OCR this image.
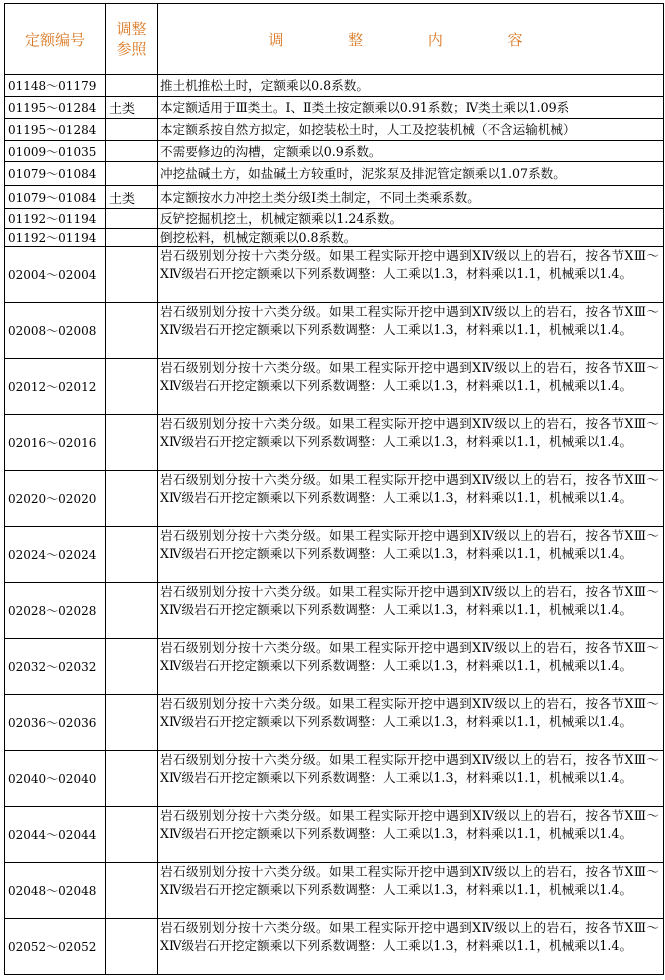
定额编号	调整参照	调 整 内 容
01148～01179		推土机推松土时，定额乘以0.8系数。
01195～01284	土类	本定额适用于Ⅲ类土。Ⅰ、Ⅱ类土按定额乘以0.91系数；Ⅳ类土乘以1.09系
01195～01284		本定额系按自然方拟定，如挖装松土时，人工及挖装机械（不含运输机械）
01009～01035		不需要修边的沟槽，定额乘以0.9系数。
01079～01084		冲挖盐碱土方，如盐碱土方较重时，泥浆泵及排泥管定额乘以1.07系数。
01079～01084	土类	本定额按水力冲挖土类分级Ⅰ类土制定，不同土类乘系数。
01192～01194		反铲挖掘机挖土，机械定额乘以1.24系数。
01192～01194		倒挖松料，机械定额乘以0.8系数。
02004～02004		岩石级别划分按十六类分级。如果工程实际开挖中遇到ⅩⅣ级以上的岩石，按各节ⅩⅢ～ⅩⅣ级岩石开挖定额乘以下列系数调整：人工乘以1.3，材料乘以1.1，机械乘以1.4。
02008～02008		岩石级别划分按十六类分级。如果工程实际开挖中遇到ⅩⅣ级以上的岩石，按各节ⅩⅢ～ⅩⅣ级岩石开挖定额乘以下列系数调整：人工乘以1.3，材料乘以1.1，机械乘以1.4。
02012～02012		岩石级别划分按十六类分级。如果工程实际开挖中遇到ⅩⅣ级以上的岩石，按各节ⅩⅢ～ⅩⅣ级岩石开挖定额乘以下列系数调整：人工乘以1.3，材料乘以1.1，机械乘以1.4。
02016～02016		岩石级别划分按十六类分级。如果工程实际开挖中遇到ⅩⅣ级以上的岩石，按各节ⅩⅢ～ⅩⅣ级岩石开挖定额乘以下列系数调整：人工乘以1.3，材料乘以1.1，机械乘以1.4。
02020～02020		岩石级别划分按十六类分级。如果工程实际开挖中遇到ⅩⅣ级以上的岩石，按各节ⅩⅢ～ⅩⅣ级岩石开挖定额乘以下列系数调整：人工乘以1.3，材料乘以1.1，机械乘以1.4。
02024～02024		岩石级别划分按十六类分级。如果工程实际开挖中遇到ⅩⅣ级以上的岩石，按各节ⅩⅢ～ⅩⅣ级岩石开挖定额乘以下列系数调整：人工乘以1.3，材料乘以1.1，机械乘以1.4。
02028～02028		岩石级别划分按十六类分级。如果工程实际开挖中遇到ⅩⅣ级以上的岩石，按各节ⅩⅢ～ⅩⅣ级岩石开挖定额乘以下列系数调整：人工乘以1.3，材料乘以1.1，机械乘以1.4。
02032～02032		岩石级别划分按十六类分级。如果工程实际开挖中遇到ⅩⅣ级以上的岩石，按各节ⅩⅢ～ⅩⅣ级岩石开挖定额乘以下列系数调整：人工乘以1.3，材料乘以1.1，机械乘以1.4。
02036～02036		岩石级别划分按十六类分级。如果工程实际开挖中遇到ⅩⅣ级以上的岩石，按各节ⅩⅢ～ⅩⅣ级岩石开挖定额乘以下列系数调整：人工乘以1.3，材料乘以1.1，机械乘以1.4。
02040～02040		岩石级别划分按十六类分级。如果工程实际开挖中遇到ⅩⅣ级以上的岩石，按各节ⅩⅢ～ⅩⅣ级岩石开挖定额乘以下列系数调整：人工乘以1.3，材料乘以1.1，机械乘以1.4。
02044～02044		岩石级别划分按十六类分级。如果工程实际开挖中遇到ⅩⅣ级以上的岩石，按各节ⅩⅢ～ⅩⅣ级岩石开挖定额乘以下列系数调整：人工乘以1.3，材料乘以1.1，机械乘以1.4。
02048～02048		岩石级别划分按十六类分级。如果工程实际开挖中遇到ⅩⅣ级以上的岩石，按各节ⅩⅢ～ⅩⅣ级岩石开挖定额乘以下列系数调整：人工乘以1.3，材料乘以1.1，机械乘以1.4。
02052～02052		岩石级别划分按十六类分级。如果工程实际开挖中遇到ⅩⅣ级以上的岩石，按各节ⅩⅢ～ⅩⅣ级岩石开挖定额乘以下列系数调整：人工乘以1.3，材料乘以1.1，机械乘以1.4。
